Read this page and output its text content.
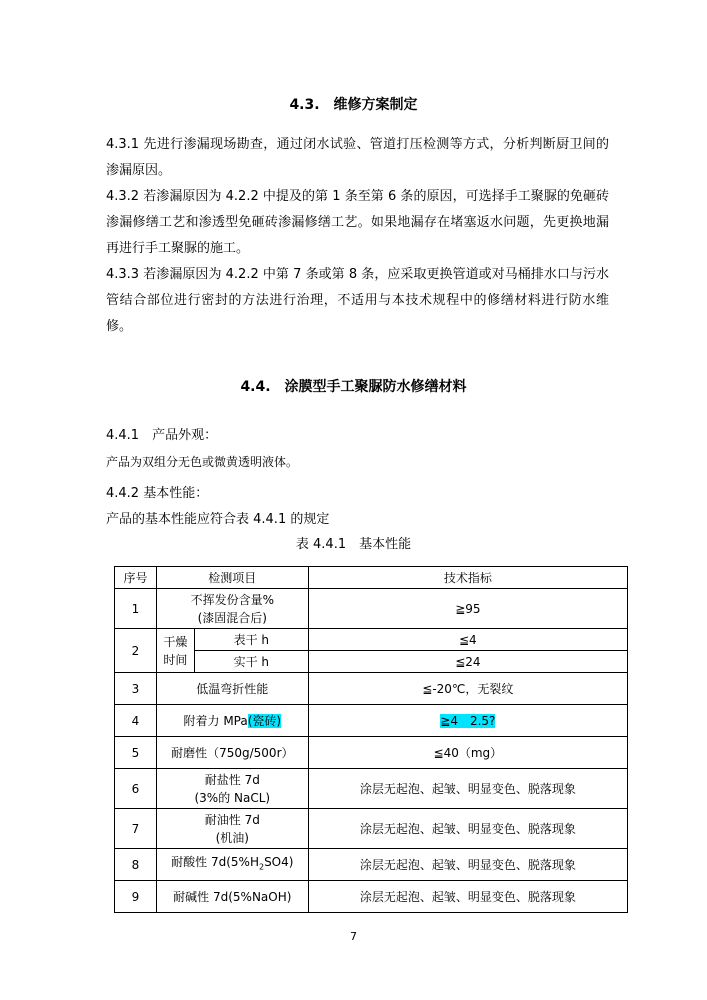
4.3.　维修方案制定

4.3.1 先进行渗漏现场勘查，通过闭水试验、管道打压检测等方式，分析判断厨卫间的渗漏原因。

4.3.2 若渗漏原因为 4.2.2 中提及的第 1 条至第 6 条的原因，可选择手工聚脲的免砸砖渗漏修缮工艺和渗透型免砸砖渗漏修缮工艺。如果地漏存在堵塞返水问题，先更换地漏再进行手工聚脲的施工。

4.3.3 若渗漏原因为 4.2.2 中第 7 条或第 8 条，应采取更换管道或对马桶排水口与污水管结合部位进行密封的方法进行治理，不适用与本技术规程中的修缮材料进行防水维修。

4.4.　涂膜型手工聚脲防水修缮材料

4.4.1　产品外观：

产品为双组分无色或微黄透明液体。

4.4.2 基本性能：

产品的基本性能应符合表 4.4.1 的规定

表 4.4.1　基本性能

序号	检测项目		技术指标
1	不挥发份含量%
(漆固混合后)		≧95
2	干燥
时间	表干 h	≦4
		实干 h	≦24
3	低温弯折性能		≦-20℃，无裂纹
4	附着力 MPa(瓷砖)		≧4　2.5?
5	耐磨性（750g/500r）		≦40（mg）
6	耐盐性 7d
(3%的 NaCL)		涂层无起泡、起皱、明显变色、脱落现象
7	耐油性 7d
(机油)		涂层无起泡、起皱、明显变色、脱落现象
8	耐酸性 $7d(5\%H_2SO4)$		涂层无起泡、起皱、明显变色、脱落现象
9	耐碱性 7d(5%NaOH)		涂层无起泡、起皱、明显变色、脱落现象
7
